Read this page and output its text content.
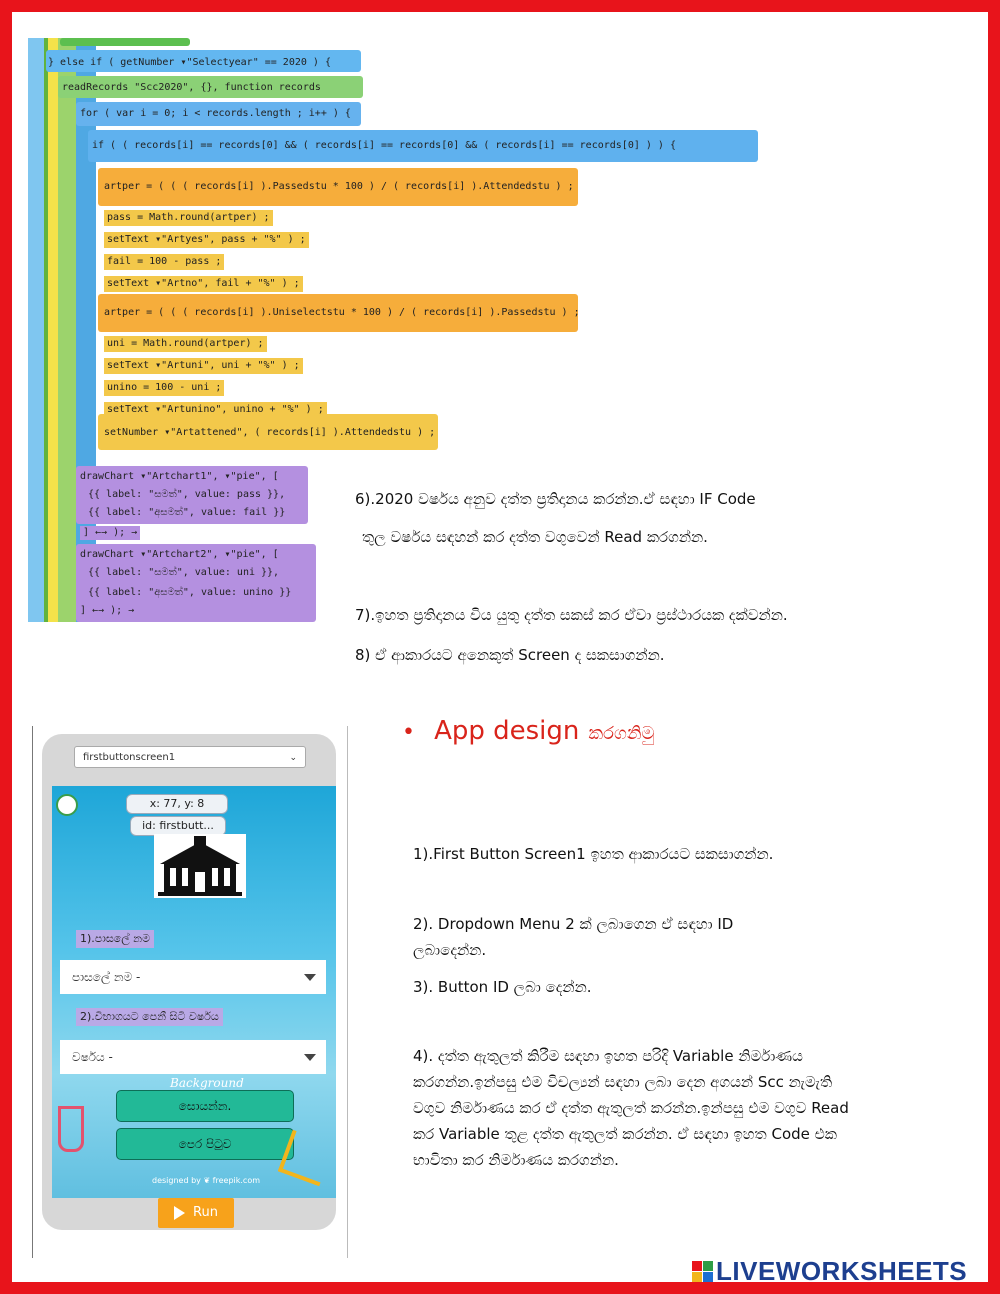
} else if ( getNumber ▾"Selectyear" == 2020 ) {
readRecords "Scc2020", {}, function records
for ( var i = 0; i < records.length ; i++ ) {
if ( ( records[i] == records[0] && ( records[i] == records[0] && ( records[i] == records[0] ) ) {
artper = ( ( ( records[i] ).Passedstu * 100 ) / ( records[i] ).Attendedstu ) ;
pass = Math.round(artper) ;
setText ▾"Artyes", pass + "%" ) ;
fail = 100 - pass ;
setText ▾"Artno", fail + "%" ) ;
artper = ( ( ( records[i] ).Uniselectstu * 100 ) / ( records[i] ).Passedstu ) ;
uni = Math.round(artper) ;
setText ▾"Artuni", uni + "%" ) ;
unino = 100 - uni ;
setText ▾"Artunino", unino + "%" ) ;
setNumber ▾"Artattened", ( records[i] ).Attendedstu ) ;
drawChart ▾"Artchart1", ▾"pie", [
{{ label: "සමත්", value: pass }},
{{ label: "අසමත්", value: fail }}
] ←→ ); →
drawChart ▾"Artchart2", ▾"pie", [
{{ label: "සමත්", value: uni }},
{{ label: "අසමත්", value: unino }}
] ←→ ); →
6).2020 වර්ෂය අනුව දත්ත ප්‍රතිදානය කරන්න.ඒ සඳහා IF Code
තුල වර්ෂය සඳහන් කර දත්ත වගුවෙන් Read කරගන්න.
7).ඉහත ප්‍රතිදානය විය යුතු දත්ත සකස් කර ඒවා ප්‍රස්ථාරයක දක්වන්න.
8) ඒ ආකාරයට අනෙකුත් Screen ද සකසාගන්න.
• App design කරගනිමු
firstbuttonscreen1	⌄
x: 77, y: 8
id: firstbutt...
1).පාසලේ නම
පාසලේ නම -
2).විභාගයට පෙනී සිටි වර්ෂය
වර්ෂය -
Background
සොයන්න.
පෙර පිටුව
designed by ❦ freepik.com
Run
1).First Button Screen1 ඉහත ආකාරයට සකසාගන්න.
2). Dropdown Menu 2 ක් ලබාගෙන ඒ සඳහා ID
ලබාදෙන්න.
3). Button ID ලබා දෙන්න.
4). දත්ත ඇතුලත් කිරීම සඳහා ඉහත පරිදි Variable නිර්මාණය
කරගන්න.ඉන්පසු එම විචල්‍යන් සඳහා ලබා දෙන අගයන් Scc නැමැති
වගුව නිර්මාණය කර ඒ දත්ත ඇතුලත් කරන්න.ඉන්පසු එම වගුව Read
කර Variable තුළ දත්ත ඇතුලත් කරන්න. ඒ සඳහා ඉහත Code එක
භාවිතා කර නිර්මාණය කරගන්න.
LIVEWORKSHEETS
